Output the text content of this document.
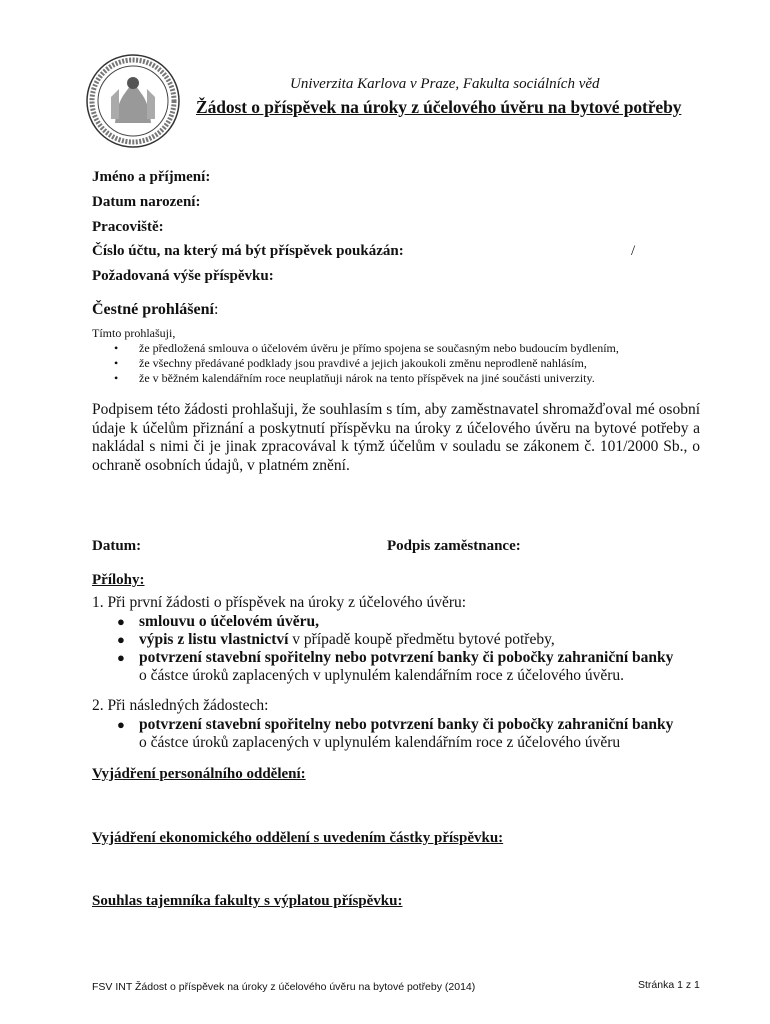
Univerzita Karlova v Praze, Fakulta sociálních věd
Žádost o příspěvek na úroky z účelového úvěru na bytové potřeby
Jméno a příjmení:
Datum narození:
Pracoviště:
Číslo účtu, na který má být příspěvek poukázán:	/
Požadovaná výše příspěvku:
Čestné prohlášení:
Tímto prohlašuji,
• že předložená smlouva o účelovém úvěru je přímo spojena se současným nebo budoucím bydlením,
• že všechny předávané podklady jsou pravdivé a jejich jakoukoli změnu neprodleně nahlásím,
• že v běžném kalendářním roce neuplatňuji nárok na tento příspěvek na jiné součásti univerzity.
Podpisem této žádosti prohlašuji, že souhlasím s tím, aby zaměstnavatel shromažďoval mé osobní údaje k účelům přiznání a poskytnutí příspěvku na úroky z účelového úvěru na bytové potřeby a nakládal s nimi či je jinak zpracovával k týmž účelům v souladu se zákonem č. 101/2000 Sb., o ochraně osobních údajů, v platném znění.
Datum:	Podpis zaměstnance:
Přílohy:
1. Při první žádosti o příspěvek na úroky z účelového úvěru:
● smlouvu o účelovém úvěru,
● výpis z listu vlastnictví v případě koupě předmětu bytové potřeby,
● potvrzení stavební spořitelny nebo potvrzení banky či pobočky zahraniční banky
o částce úroků zaplacených v uplynulém kalendářním roce z účelového úvěru.
2. Při následných žádostech:
● potvrzení stavební spořitelny nebo potvrzení banky či pobočky zahraniční banky
o částce úroků zaplacených v uplynulém kalendářním roce z účelového úvěru
Vyjádření personálního oddělení:
Vyjádření ekonomického oddělení s uvedením částky příspěvku:
Souhlas tajemníka fakulty s výplatou příspěvku:
FSV INT Žádost o příspěvek na úroky z účelového úvěru na bytové potřeby (2014)	Stránka 1 z 1
